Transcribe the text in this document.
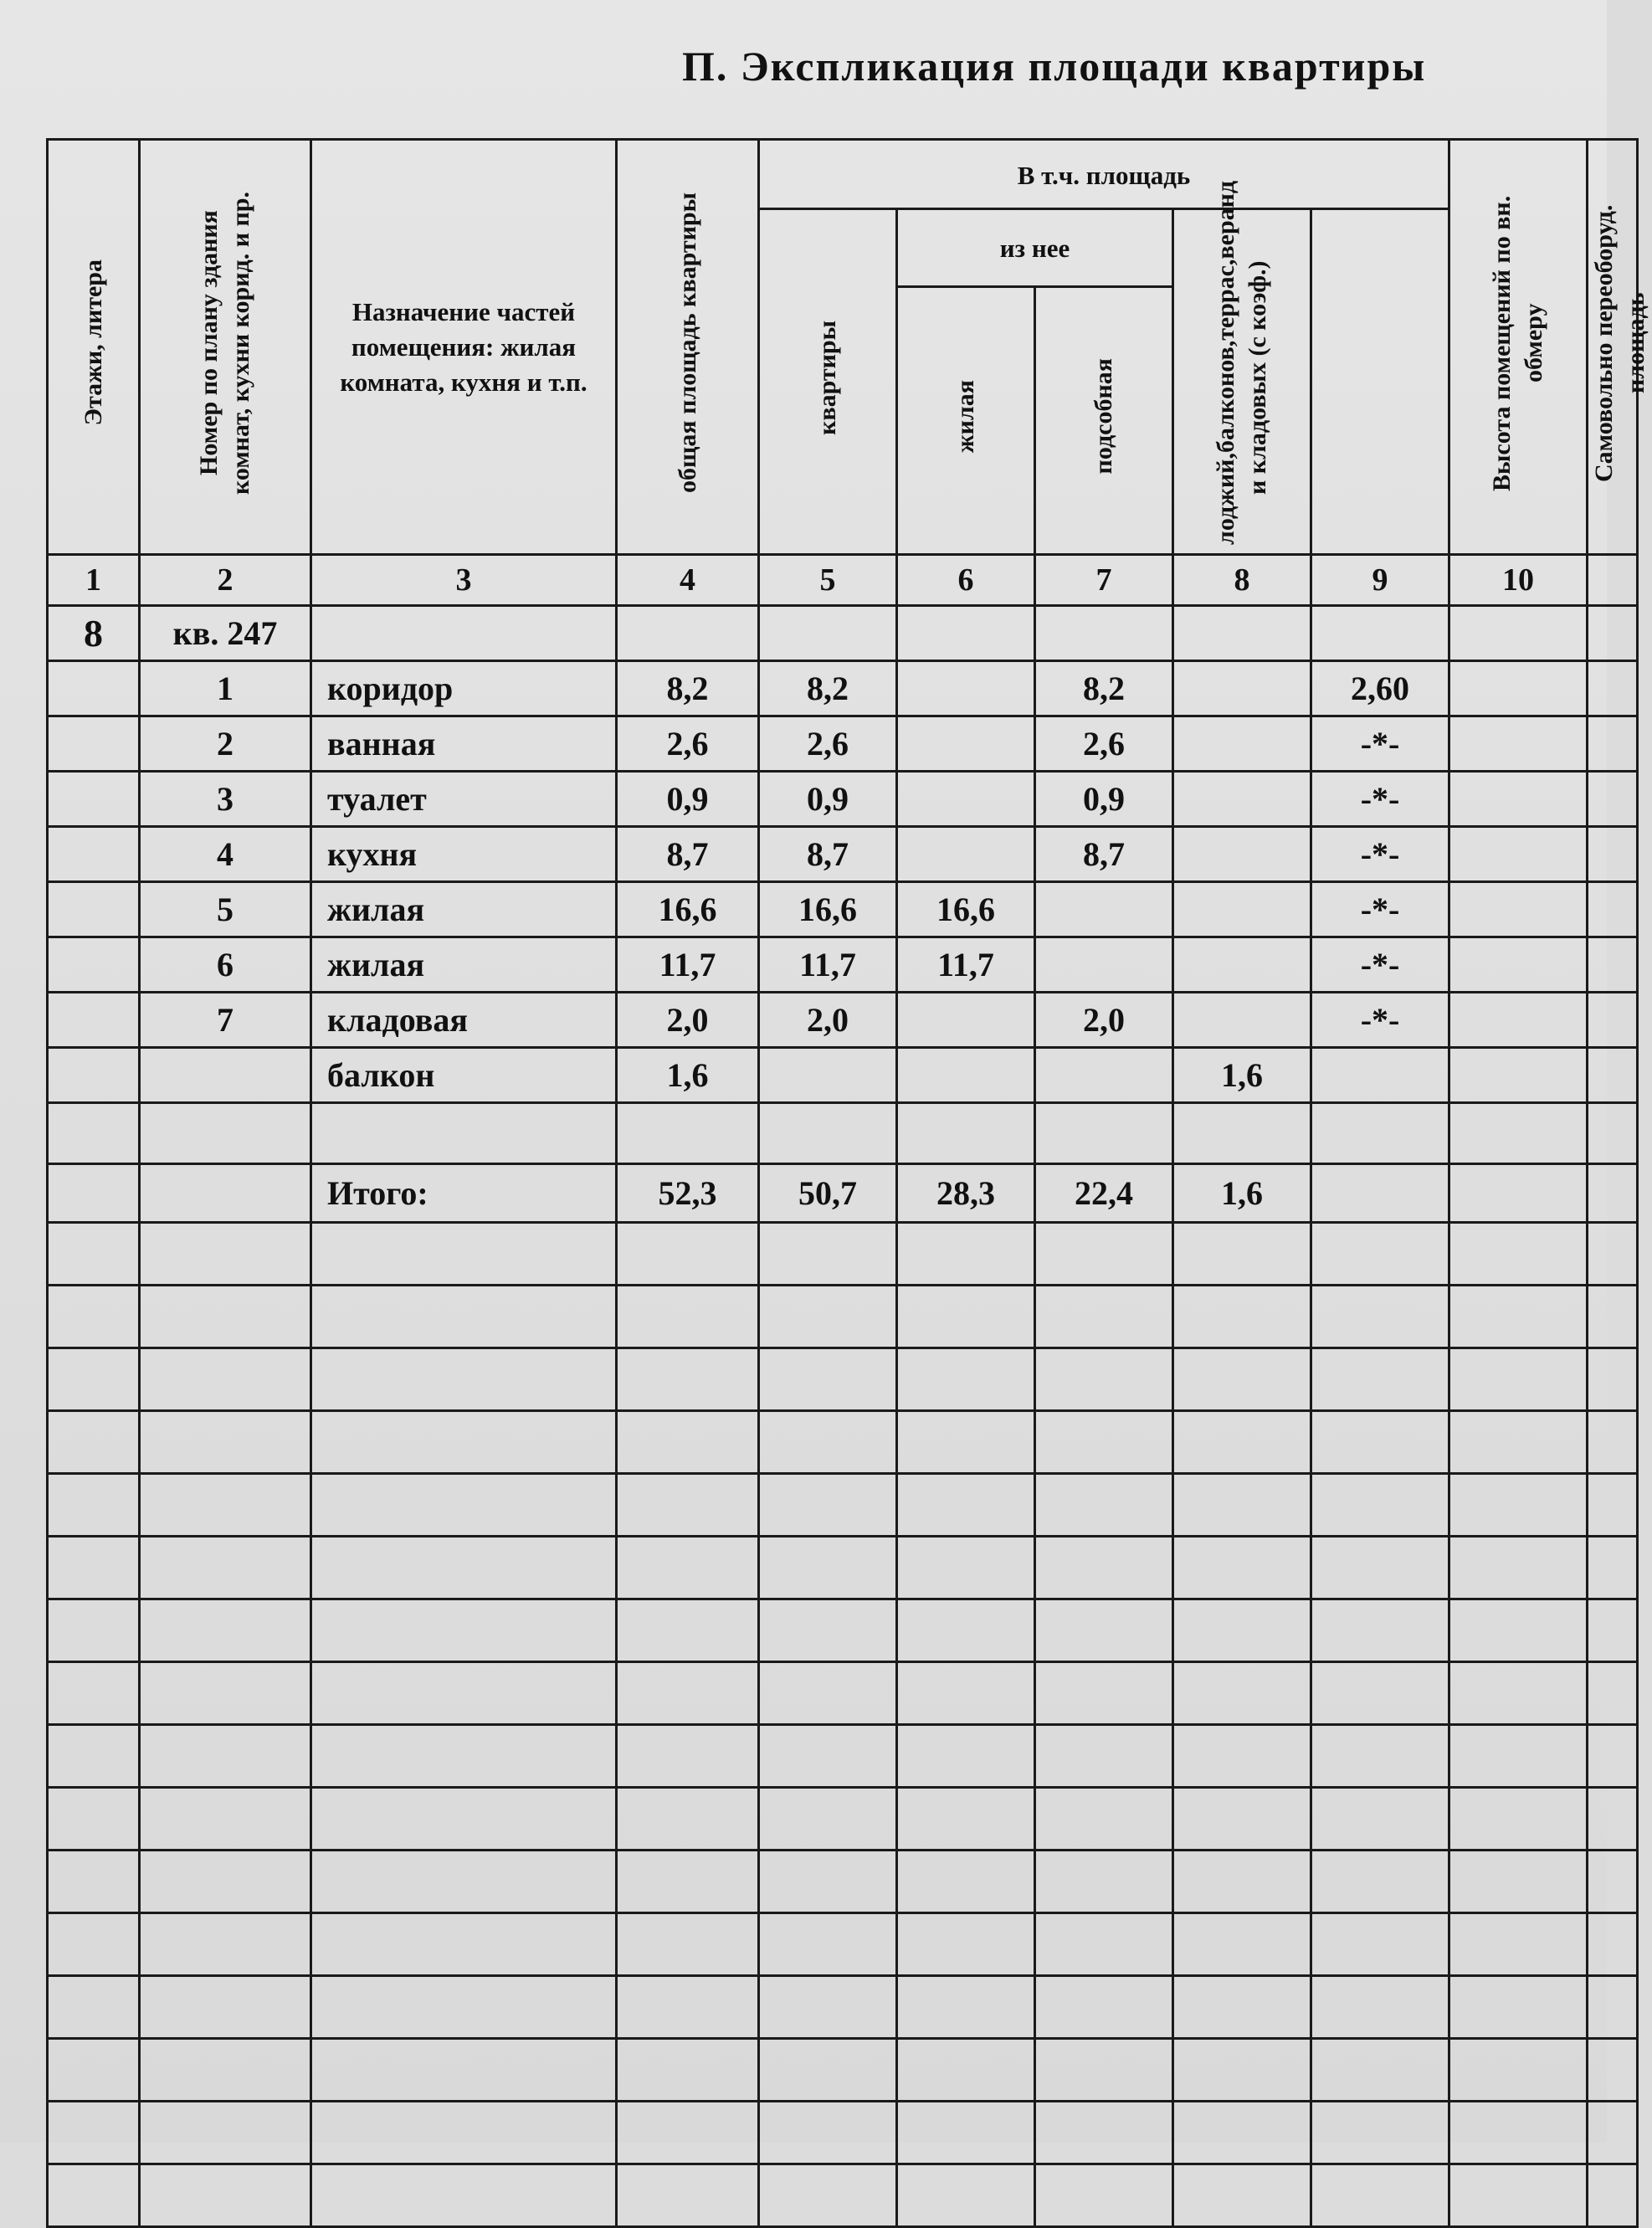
П. Экспликация площади квартиры
Этажи, литера	Номер по плану здания комнат, кухни корид. и пр.	Назначение частей помещения: жилая комната, кухня и т.п.	общая площадь квартиры	В т.ч. площадь					Высота помещений по вн. обмеру	Самовольно переоборуд. площадь	
				квартиры	из нее		лоджий,балконов,террас,веранд и кладовых (с коэф.)			
					жилая	подсобная					
1	2	3	4	5	6	7	8	9	10		
8	кв. 247										
	1	коридор	8,2	8,2		8,2		2,60			
	2	ванная	2,6	2,6		2,6		-*-			
	3	туалет	0,9	0,9		0,9		-*-			
	4	кухня	8,7	8,7		8,7		-*-			
	5	жилая	16,6	16,6	16,6			-*-			
	6	жилая	11,7	11,7	11,7			-*-			
	7	кладовая	2,0	2,0		2,0		-*-			
		балкон	1,6				1,6				

		Итого:	52,3	50,7	28,3	22,4	1,6				
